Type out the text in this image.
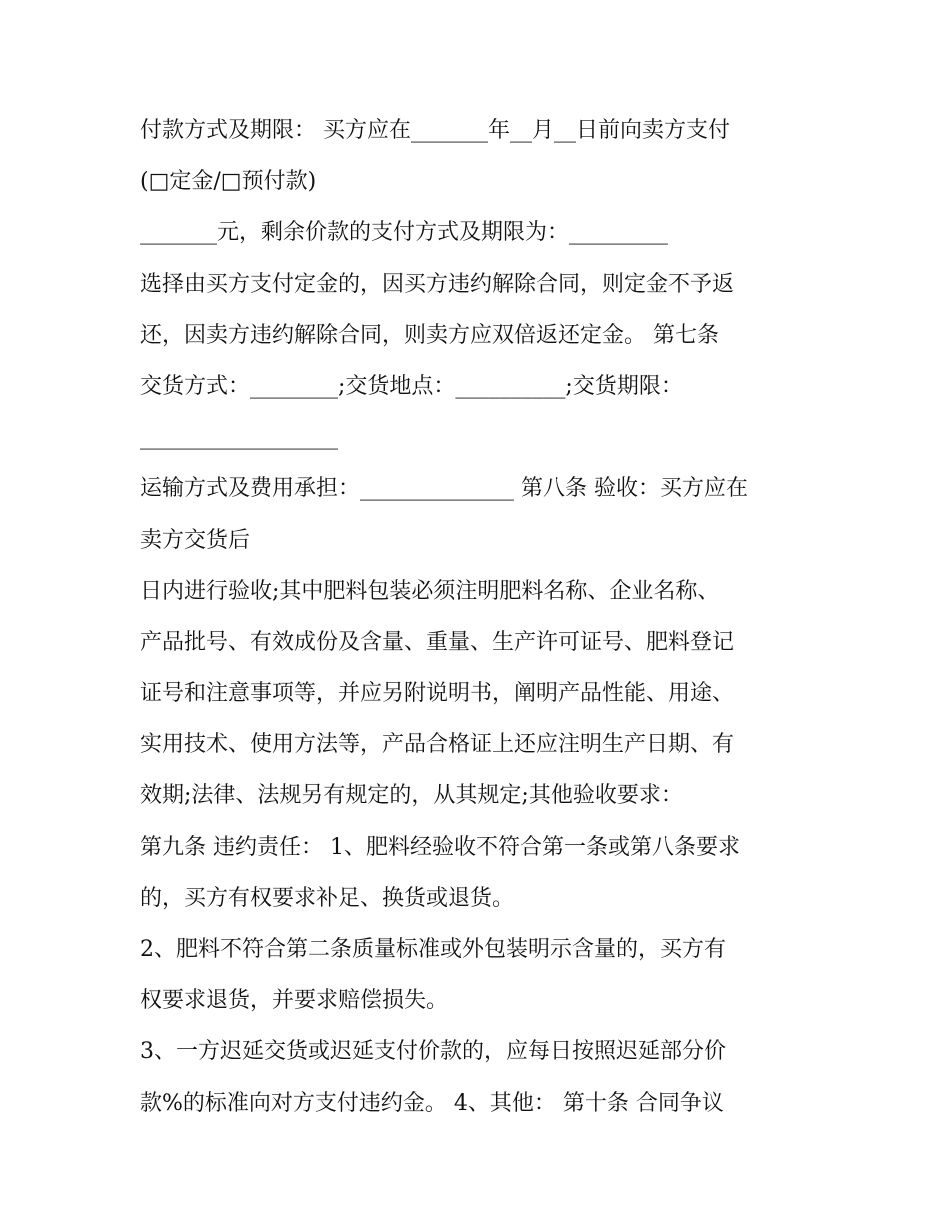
付款方式及期限： 买方应在_______年__月__日前向卖方支付
(□定金/□预付款)
_______元，剩余价款的支付方式及期限为：_________
选择由买方支付定金的，因买方违约解除合同，则定金不予返
还，因卖方违约解除合同，则卖方应双倍返还定金。 第七条
交货方式：________;交货地点：__________;交货期限：
__________________
运输方式及费用承担：______________ 第八条 验收：买方应在
卖方交货后
日内进行验收;其中肥料包装必须注明肥料名称、企业名称、
产品批号、有效成份及含量、重量、生产许可证号、肥料登记
证号和注意事项等，并应另附说明书，阐明产品性能、用途、
实用技术、使用方法等，产品合格证上还应注明生产日期、有
效期;法律、法规另有规定的，从其规定;其他验收要求：
第九条 违约责任： 1、肥料经验收不符合第一条或第八条要求
的，买方有权要求补足、换货或退货。
2、肥料不符合第二条质量标准或外包装明示含量的，买方有
权要求退货，并要求赔偿损失。
3、一方迟延交货或迟延支付价款的，应每日按照迟延部分价
款%的标准向对方支付违约金。 4、其他： 第十条 合同争议
